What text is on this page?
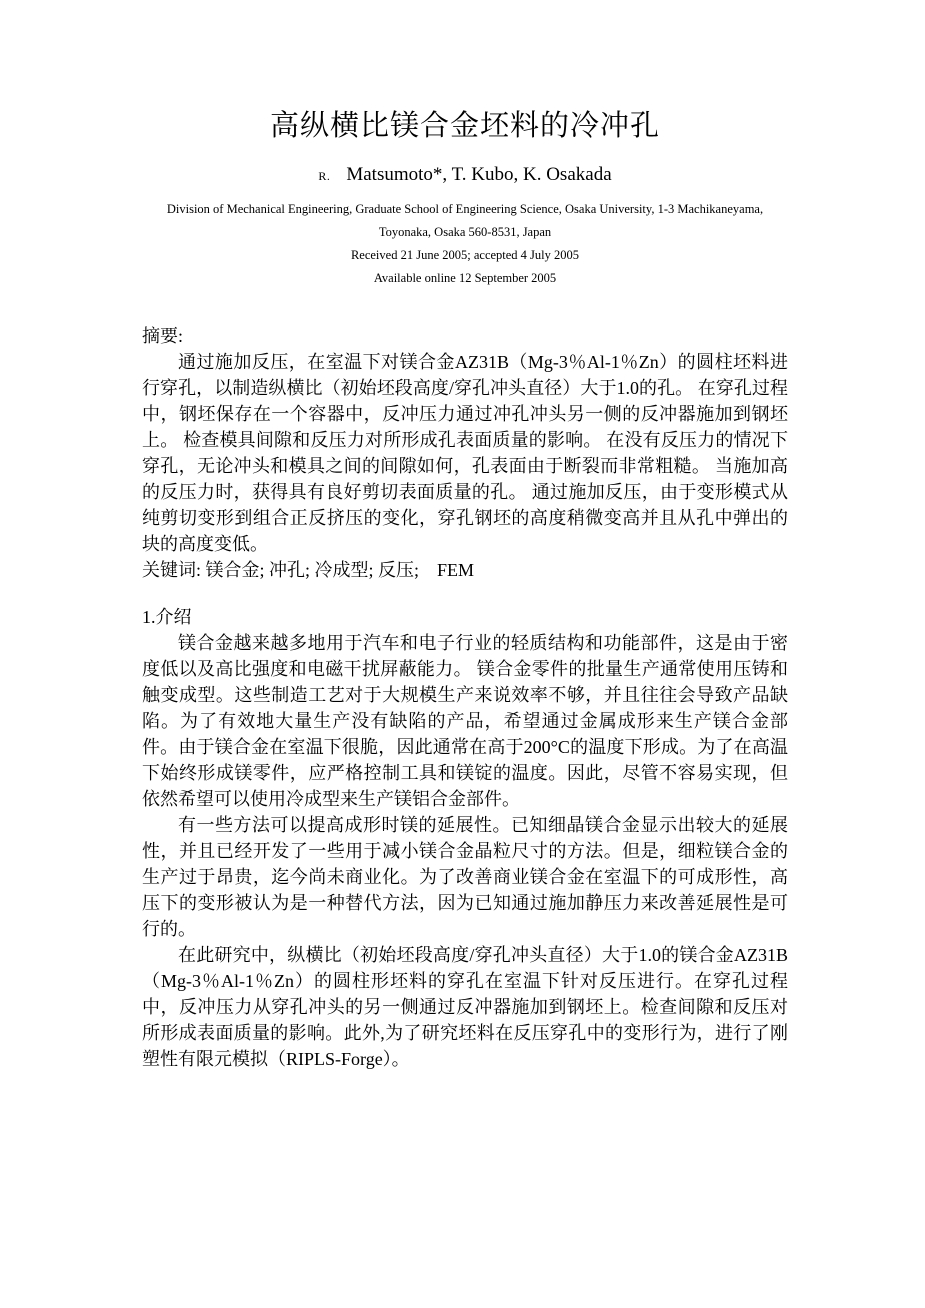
高纵横比镁合金坯料的冷冲孔
R. Matsumoto*, T. Kubo, K. Osakada
Division of Mechanical Engineering, Graduate School of Engineering Science, Osaka University, 1-3 Machikaneyama,
Toyonaka, Osaka 560-8531, Japan
Received 21 June 2005; accepted 4 July 2005
Available online 12 September 2005
摘要:
通过施加反压，在室温下对镁合金AZ31B（Mg-3％Al-1％Zn）的圆柱坯料进行穿孔，以制造纵横比（初始坯段高度/穿孔冲头直径）大于1.0的孔。 在穿孔过程中，钢坯保存在一个容器中，反冲压力通过冲孔冲头另一侧的反冲器施加到钢坯上。 检查模具间隙和反压力对所形成孔表面质量的影响。 在没有反压力的情况下穿孔，无论冲头和模具之间的间隙如何，孔表面由于断裂而非常粗糙。 当施加高的反压力时，获得具有良好剪切表面质量的孔。 通过施加反压，由于变形模式从纯剪切变形到组合正反挤压的变化，穿孔钢坯的高度稍微变高并且从孔中弹出的块的高度变低。
关键词: 镁合金; 冲孔; 冷成型; 反压;　FEM
1.介绍
镁合金越来越多地用于汽车和电子行业的轻质结构和功能部件，这是由于密度低以及高比强度和电磁干扰屏蔽能力。 镁合金零件的批量生产通常使用压铸和触变成型。这些制造工艺对于大规模生产来说效率不够，并且往往会导致产品缺陷。为了有效地大量生产没有缺陷的产品，希望通过金属成形来生产镁合金部件。由于镁合金在室温下很脆，因此通常在高于200°C的温度下形成。为了在高温下始终形成镁零件，应严格控制工具和镁锭的温度。因此，尽管不容易实现，但依然希望可以使用冷成型来生产镁铝合金部件。
有一些方法可以提高成形时镁的延展性。已知细晶镁合金显示出较大的延展性，并且已经开发了一些用于减小镁合金晶粒尺寸的方法。但是，细粒镁合金的生产过于昂贵，迄今尚未商业化。为了改善商业镁合金在室温下的可成形性，高压下的变形被认为是一种替代方法，因为已知通过施加静压力来改善延展性是可行的。
在此研究中，纵横比（初始坯段高度/穿孔冲头直径）大于1.0的镁合金AZ31B（Mg-3％Al-1％Zn）的圆柱形坯料的穿孔在室温下针对反压进行。在穿孔过程中，反冲压力从穿孔冲头的另一侧通过反冲器施加到钢坯上。检查间隙和反压对所形成表面质量的影响。此外,为了研究坯料在反压穿孔中的变形行为，进行了刚塑性有限元模拟（RIPLS-Forge）。
